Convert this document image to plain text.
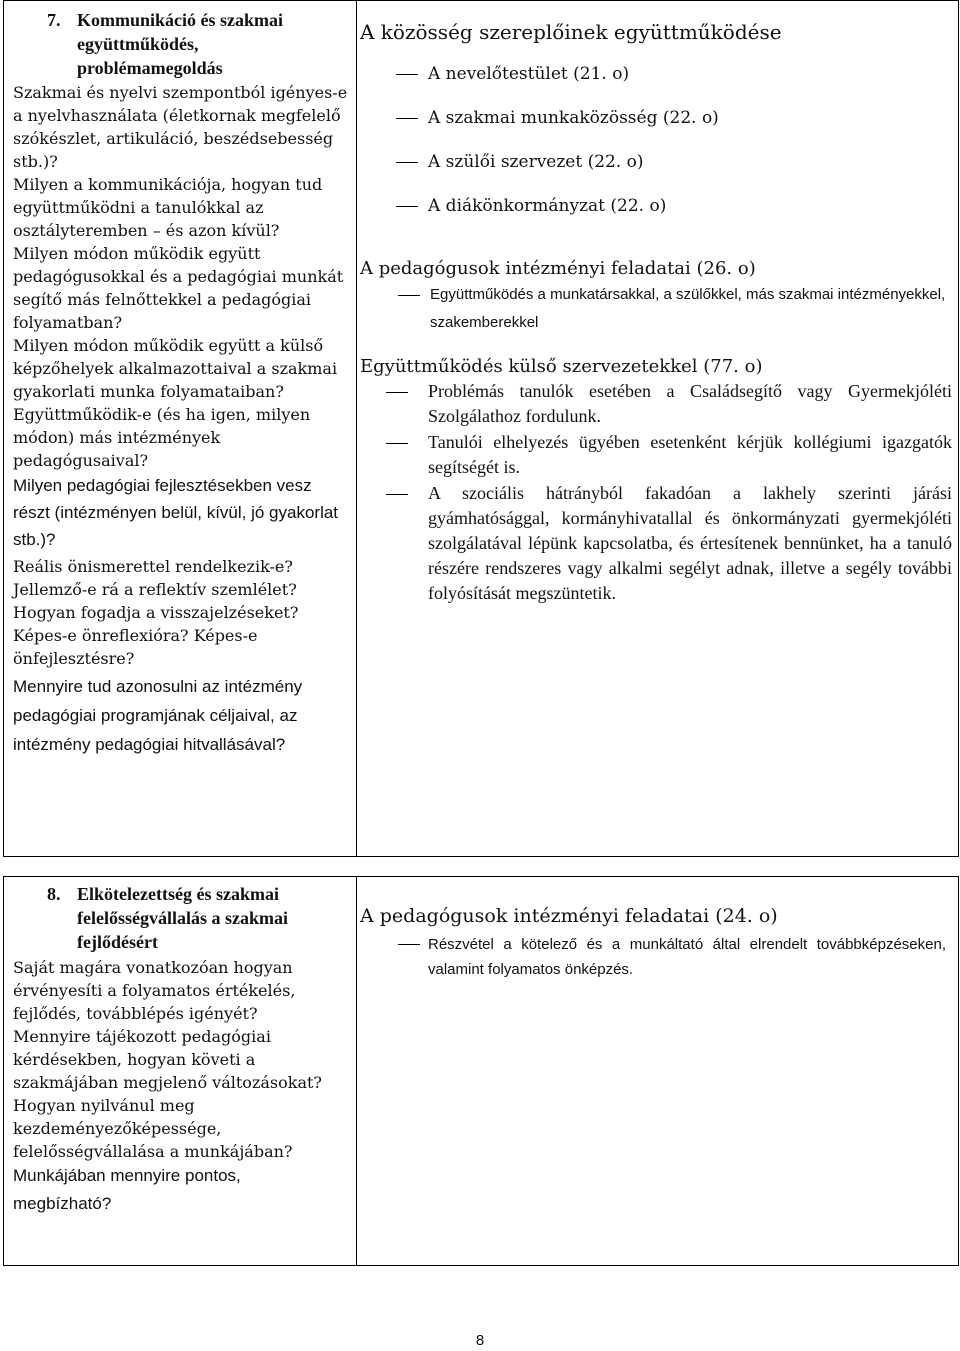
7. Kommunikáció és szakmai
együttműködés,
problémamegoldás

Szakmai és nyelvi szempontból igényes-e a nyelvhasználata (életkornak megfelelő szókészlet, artikuláció, beszédsebesség stb.)?

Milyen a kommunikációja, hogyan tud együttműködni a tanulókkal az osztályteremben – és azon kívül?

Milyen módon működik együtt pedagógusokkal és a pedagógiai munkát segítő más felnőttekkel a pedagógiai folyamatban?

Milyen módon működik együtt a külső képzőhelyek alkalmazottaival a szakmai gyakorlati munka folyamataiban?

Együttműködik-e (és ha igen, milyen módon) más intézmények pedagógusaival?

Milyen pedagógiai fejlesztésekben vesz részt (intézményen belül, kívül, jó gyakorlat stb.)?

Reális önismerettel rendelkezik-e?

Jellemző-e rá a reflektív szemlélet?

Hogyan fogadja a visszajelzéseket?

Képes-e önreflexióra? Képes-e önfejlesztésre?

Mennyire tud azonosulni az intézmény pedagógiai programjának céljaival, az intézmény pedagógiai hitvallásával?

A közösség szereplőinek együttműködése
A nevelőtestület (21. o)
A szakmai munkaközösség (22. o)
A szülői szervezet (22. o)
A diákönkormányzat (22. o)
A pedagógusok intézményi feladatai (26. o)
Együttműködés a munkatársakkal, a szülőkkel, más szakmai intézményekkel, szakemberekkel
Együttműködés külső szervezetekkel (77. o)
Problémás tanulók esetében a Családsegítő vagy Gyermekjóléti Szolgálathoz fordulunk.
Tanulói elhelyezés ügyében esetenként kérjük kollégiumi igazgatók segítségét is.
A szociális hátrányból fakadóan a lakhely szerinti járási gyámhatósággal, kormányhivatallal és önkormányzati gyermekjóléti szolgálatával lépünk kapcsolatba, és értesítenek bennünket, ha a tanuló részére rendszeres vagy alkalmi segélyt adnak, illetve a segély további folyósítását megszüntetik.
8. Elkötelezettség és szakmai
felelősségvállalás a szakmai
fejlődésért

Saját magára vonatkozóan hogyan érvényesíti a folyamatos értékelés, fejlődés, továbblépés igényét?

Mennyire tájékozott pedagógiai kérdésekben, hogyan követi a szakmájában megjelenő változásokat?

Hogyan nyilvánul meg kezdeményezőképessége, felelősségvállalása a munkájában?

Munkájában mennyire pontos,

megbízható?

A pedagógusok intézményi feladatai (24. o)
Részvétel a kötelező és a munkáltató által elrendelt továbbképzéseken, valamint folyamatos önképzés.
8
